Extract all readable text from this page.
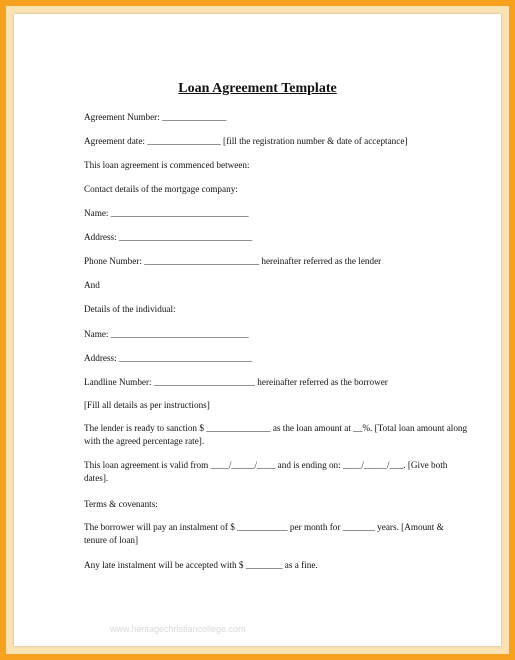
Loan Agreement Template
Agreement Number: ______________
Agreement date: ________________ [fill the registration number & date of acceptance]
This loan agreement is commenced between:
Contact details of the mortgage company:
Name: ______________________________
Address: _____________________________
Phone Number: _________________________ hereinafter referred as the lender
And
Details of the individual:
Name: ______________________________
Address: _____________________________
Landline Number: ______________________ hereinafter referred as the borrower
[Fill all details as per instructions]
The lender is ready to sanction $ ______________ as the loan amount at __%. [Total loan amount along with the agreed percentage rate].
This loan agreement is valid from ____/_____/____ and is ending on: ____/_____/___. [Give both dates].
Terms & covenants:
The borrower will pay an instalment of $ ___________ per month for _______ years. [Amount & tenure of loan]
Any late instalment will be accepted with $ ________ as a fine.
www.heritagechristiancollege.com
